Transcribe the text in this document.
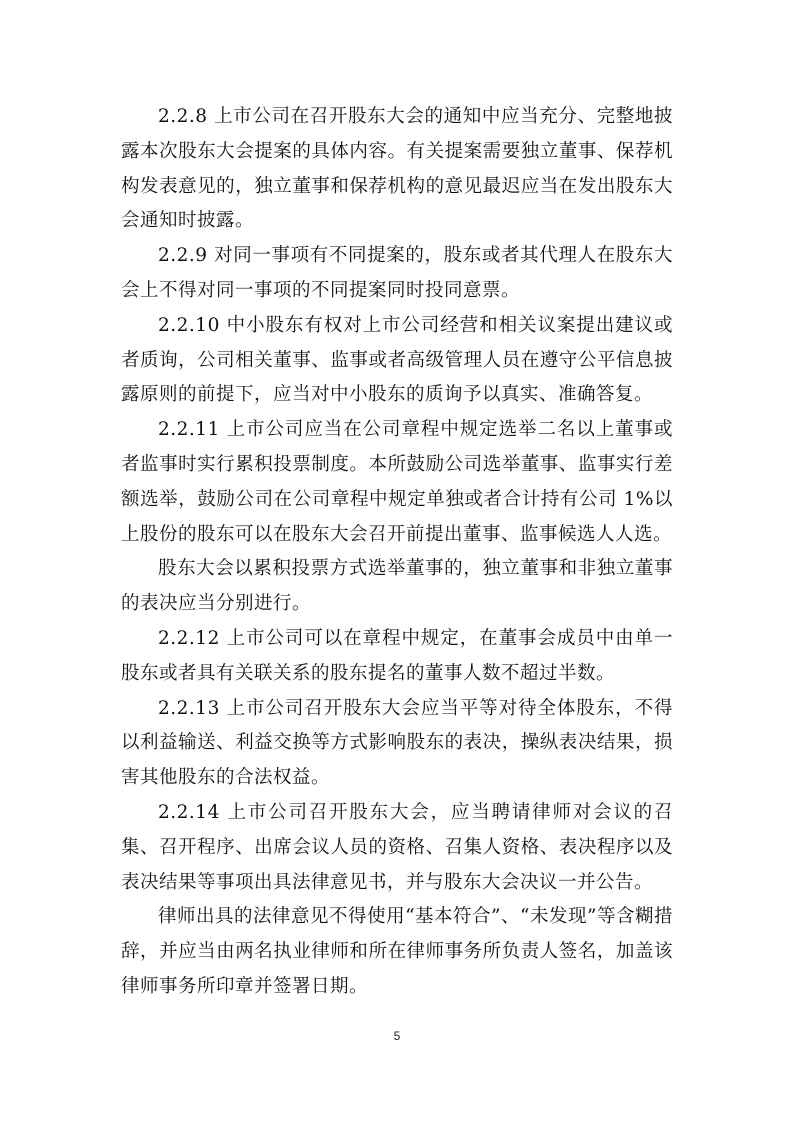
2.2.8 上市公司在召开股东大会的通知中应当充分、完整地披露本次股东大会提案的具体内容。有关提案需要独立董事、保荐机构发表意见的，独立董事和保荐机构的意见最迟应当在发出股东大会通知时披露。

2.2.9 对同一事项有不同提案的，股东或者其代理人在股东大会上不得对同一事项的不同提案同时投同意票。

2.2.10 中小股东有权对上市公司经营和相关议案提出建议或者质询，公司相关董事、监事或者高级管理人员在遵守公平信息披露原则的前提下，应当对中小股东的质询予以真实、准确答复。

2.2.11 上市公司应当在公司章程中规定选举二名以上董事或者监事时实行累积投票制度。本所鼓励公司选举董事、监事实行差额选举，鼓励公司在公司章程中规定单独或者合计持有公司 1%以上股份的股东可以在股东大会召开前提出董事、监事候选人人选。

股东大会以累积投票方式选举董事的，独立董事和非独立董事的表决应当分别进行。

2.2.12 上市公司可以在章程中规定，在董事会成员中由单一股东或者具有关联关系的股东提名的董事人数不超过半数。

2.2.13 上市公司召开股东大会应当平等对待全体股东，不得以利益输送、利益交换等方式影响股东的表决，操纵表决结果，损害其他股东的合法权益。

2.2.14 上市公司召开股东大会，应当聘请律师对会议的召集、召开程序、出席会议人员的资格、召集人资格、表决程序以及表决结果等事项出具法律意见书，并与股东大会决议一并公告。

律师出具的法律意见不得使用“基本符合”、“未发现”等含糊措辞，并应当由两名执业律师和所在律师事务所负责人签名，加盖该律师事务所印章并签署日期。

5
